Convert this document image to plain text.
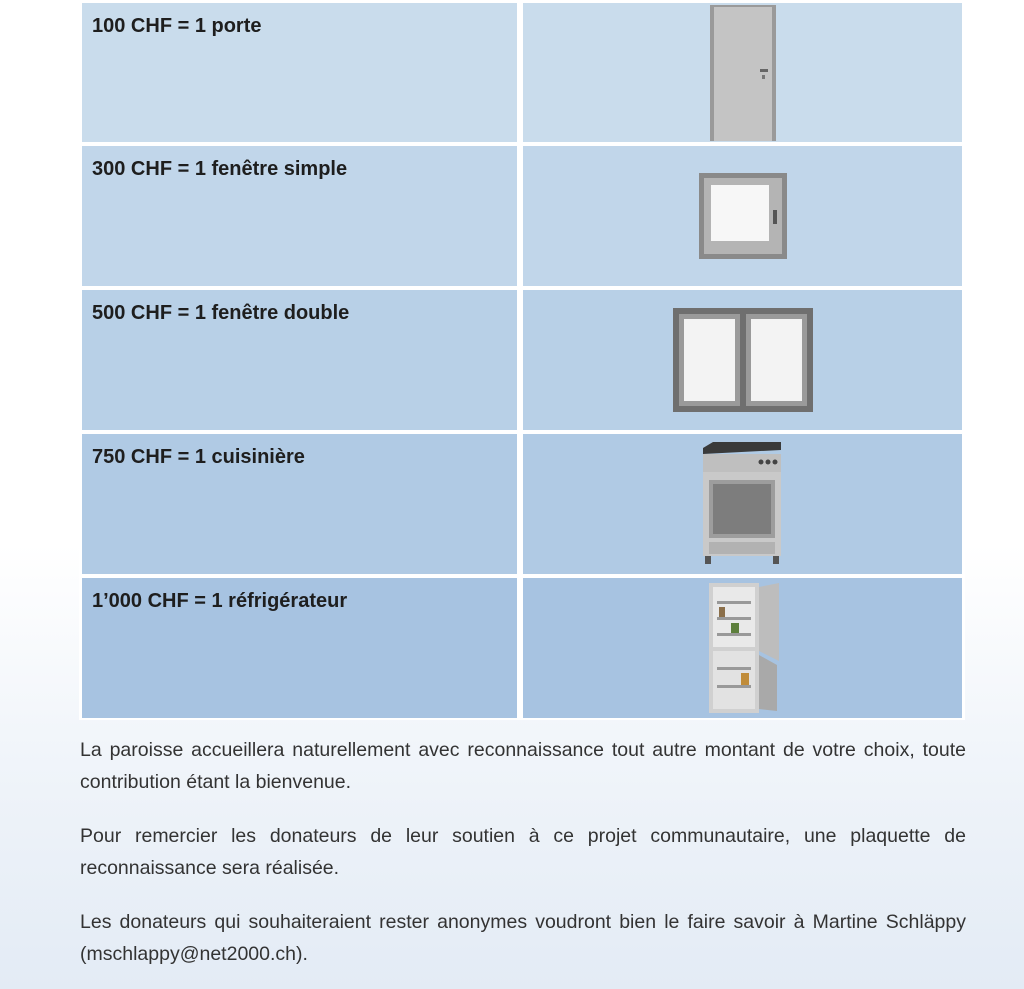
100 CHF = 1 porte
300 CHF = 1 fenêtre simple
500 CHF = 1 fenêtre double
750 CHF = 1 cuisinière
1’000 CHF = 1 réfrigérateur

La paroisse accueillera naturellement avec reconnaissance tout autre montant de votre choix, toute contribution étant la bienvenue.

Pour remercier les donateurs de leur soutien à ce projet communautaire, une plaquette de reconnaissance sera réalisée.

Les donateurs qui souhaiteraient rester anonymes voudront bien le faire savoir à Martine Schläppy (mschlappy@net2000.ch).
